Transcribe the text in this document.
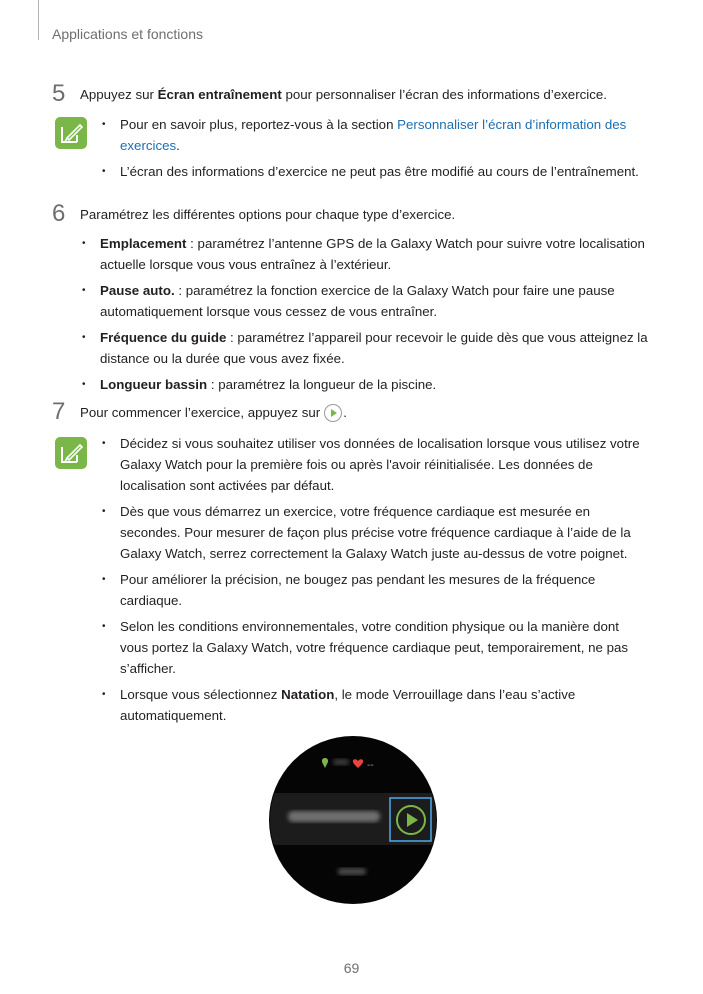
Applications et fonctions
5 Appuyez sur Écran entraînement pour personnaliser l’écran des informations d’exercice.
• Pour en savoir plus, reportez-vous à la section Personnaliser l’écran d’information des exercices.
• L’écran des informations d’exercice ne peut pas être modifié au cours de l’entraînement.
6 Paramétrez les différentes options pour chaque type d’exercice.
• Emplacement : paramétrez l’antenne GPS de la Galaxy Watch pour suivre votre localisation actuelle lorsque vous vous entraînez à l’extérieur.
• Pause auto. : paramétrez la fonction exercice de la Galaxy Watch pour faire une pause automatiquement lorsque vous cessez de vous entraîner.
• Fréquence du guide : paramétrez l’appareil pour recevoir le guide dès que vous atteignez la distance ou la durée que vous avez fixée.
• Longueur bassin : paramétrez la longueur de la piscine.
7 Pour commencer l’exercice, appuyez sur .
• Décidez si vous souhaitez utiliser vos données de localisation lorsque vous utilisez votre Galaxy Watch pour la première fois ou après l'avoir réinitialisée. Les données de localisation sont activées par défaut.
• Dès que vous démarrez un exercice, votre fréquence cardiaque est mesurée en secondes. Pour mesurer de façon plus précise votre fréquence cardiaque à l’aide de la Galaxy Watch, serrez correctement la Galaxy Watch juste au-dessus de votre poignet.
• Pour améliorer la précision, ne bougez pas pendant les mesures de la fréquence cardiaque.
• Selon les conditions environnementales, votre condition physique ou la manière dont vous portez la Galaxy Watch, votre fréquence cardiaque peut, temporairement, ne pas s’afficher.
• Lorsque vous sélectionnez Natation, le mode Verrouillage dans l’eau s’active automatiquement.
--
69
